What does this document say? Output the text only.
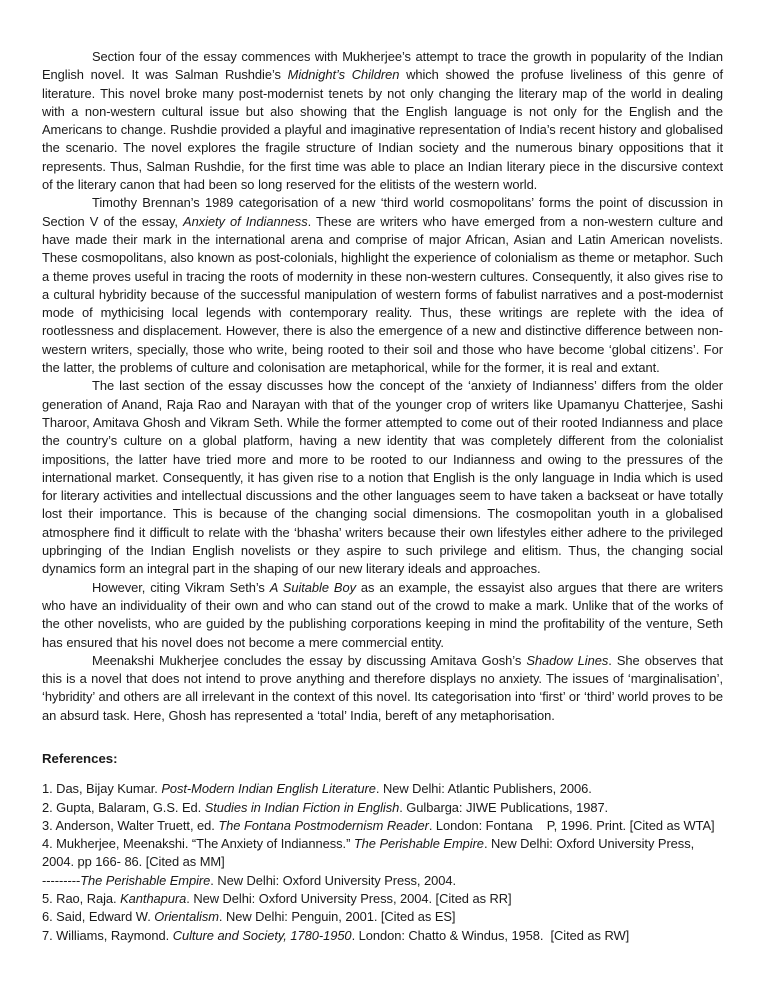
Section four of the essay commences with Mukherjee’s attempt to trace the growth in popularity of the Indian English novel. It was Salman Rushdie’s Midnight’s Children which showed the profuse liveliness of this genre of literature. This novel broke many post-modernist tenets by not only changing the literary map of the world in dealing with a non-western cultural issue but also showing that the English language is not only for the English and the Americans to change. Rushdie provided a playful and imaginative representation of India’s recent history and globalised the scenario. The novel explores the fragile structure of Indian society and the numerous binary oppositions that it represents. Thus, Salman Rushdie, for the first time was able to place an Indian literary piece in the discursive context of the literary canon that had been so long reserved for the elitists of the western world.

Timothy Brennan’s 1989 categorisation of a new ‘third world cosmopolitans’ forms the point of discussion in Section V of the essay, Anxiety of Indianness. These are writers who have emerged from a non-western culture and have made their mark in the international arena and comprise of major African, Asian and Latin American novelists. These cosmopolitans, also known as post-colonials, highlight the experience of colonialism as theme or metaphor. Such a theme proves useful in tracing the roots of modernity in these non-western cultures. Consequently, it also gives rise to a cultural hybridity because of the successful manipulation of western forms of fabulist narratives and a post-modernist mode of mythicising local legends with contemporary reality. Thus, these writings are replete with the idea of rootlessness and displacement. However, there is also the emergence of a new and distinctive difference between non-western writers, specially, those who write, being rooted to their soil and those who have become ‘global citizens’. For the latter, the problems of culture and colonisation are metaphorical, while for the former, it is real and extant.

The last section of the essay discusses how the concept of the ‘anxiety of Indianness’ differs from the older generation of Anand, Raja Rao and Narayan with that of the younger crop of writers like Upamanyu Chatterjee, Sashi Tharoor, Amitava Ghosh and Vikram Seth. While the former attempted to come out of their rooted Indianness and place the country’s culture on a global platform, having a new identity that was completely different from the colonialist impositions, the latter have tried more and more to be rooted to our Indianness and owing to the pressures of the international market. Consequently, it has given rise to a notion that English is the only language in India which is used for literary activities and intellectual discussions and the other languages seem to have taken a backseat or have totally lost their importance. This is because of the changing social dimensions. The cosmopolitan youth in a globalised atmosphere find it difficult to relate with the ‘bhasha’ writers because their own lifestyles either adhere to the privileged upbringing of the Indian English novelists or they aspire to such privilege and elitism. Thus, the changing social dynamics form an integral part in the shaping of our new literary ideals and approaches.

However, citing Vikram Seth’s A Suitable Boy as an example, the essayist also argues that there are writers who have an individuality of their own and who can stand out of the crowd to make a mark. Unlike that of the works of the other novelists, who are guided by the publishing corporations keeping in mind the profitability of the venture, Seth has ensured that his novel does not become a mere commercial entity.

Meenakshi Mukherjee concludes the essay by discussing Amitava Gosh’s Shadow Lines. She observes that this is a novel that does not intend to prove anything and therefore displays no anxiety. The issues of ‘marginalisation’, ‘hybridity’ and others are all irrelevant in the context of this novel. Its categorisation into ‘first’ or ‘third’ world proves to be an absurd task. Here, Ghosh has represented a ‘total’ India, bereft of any metaphorisation.

References:

1. Das, Bijay Kumar. Post-Modern Indian English Literature. New Delhi: Atlantic Publishers, 2006.

2. Gupta, Balaram, G.S. Ed. Studies in Indian Fiction in English. Gulbarga: JIWE Publications, 1987.

3. Anderson, Walter Truett, ed. The Fontana Postmodernism Reader. London: Fontana    P, 1996. Print. [Cited as WTA]

4. Mukherjee, Meenakshi. “The Anxiety of Indianness.” The Perishable Empire. New Delhi: Oxford University Press, 2004. pp 166- 86. [Cited as MM]

---------The Perishable Empire. New Delhi: Oxford University Press, 2004.

5. Rao, Raja. Kanthapura. New Delhi: Oxford University Press, 2004. [Cited as RR]

6. Said, Edward W. Orientalism. New Delhi: Penguin, 2001. [Cited as ES]

7. Williams, Raymond. Culture and Society, 1780-1950. London: Chatto & Windus, 1958.  [Cited as RW]
